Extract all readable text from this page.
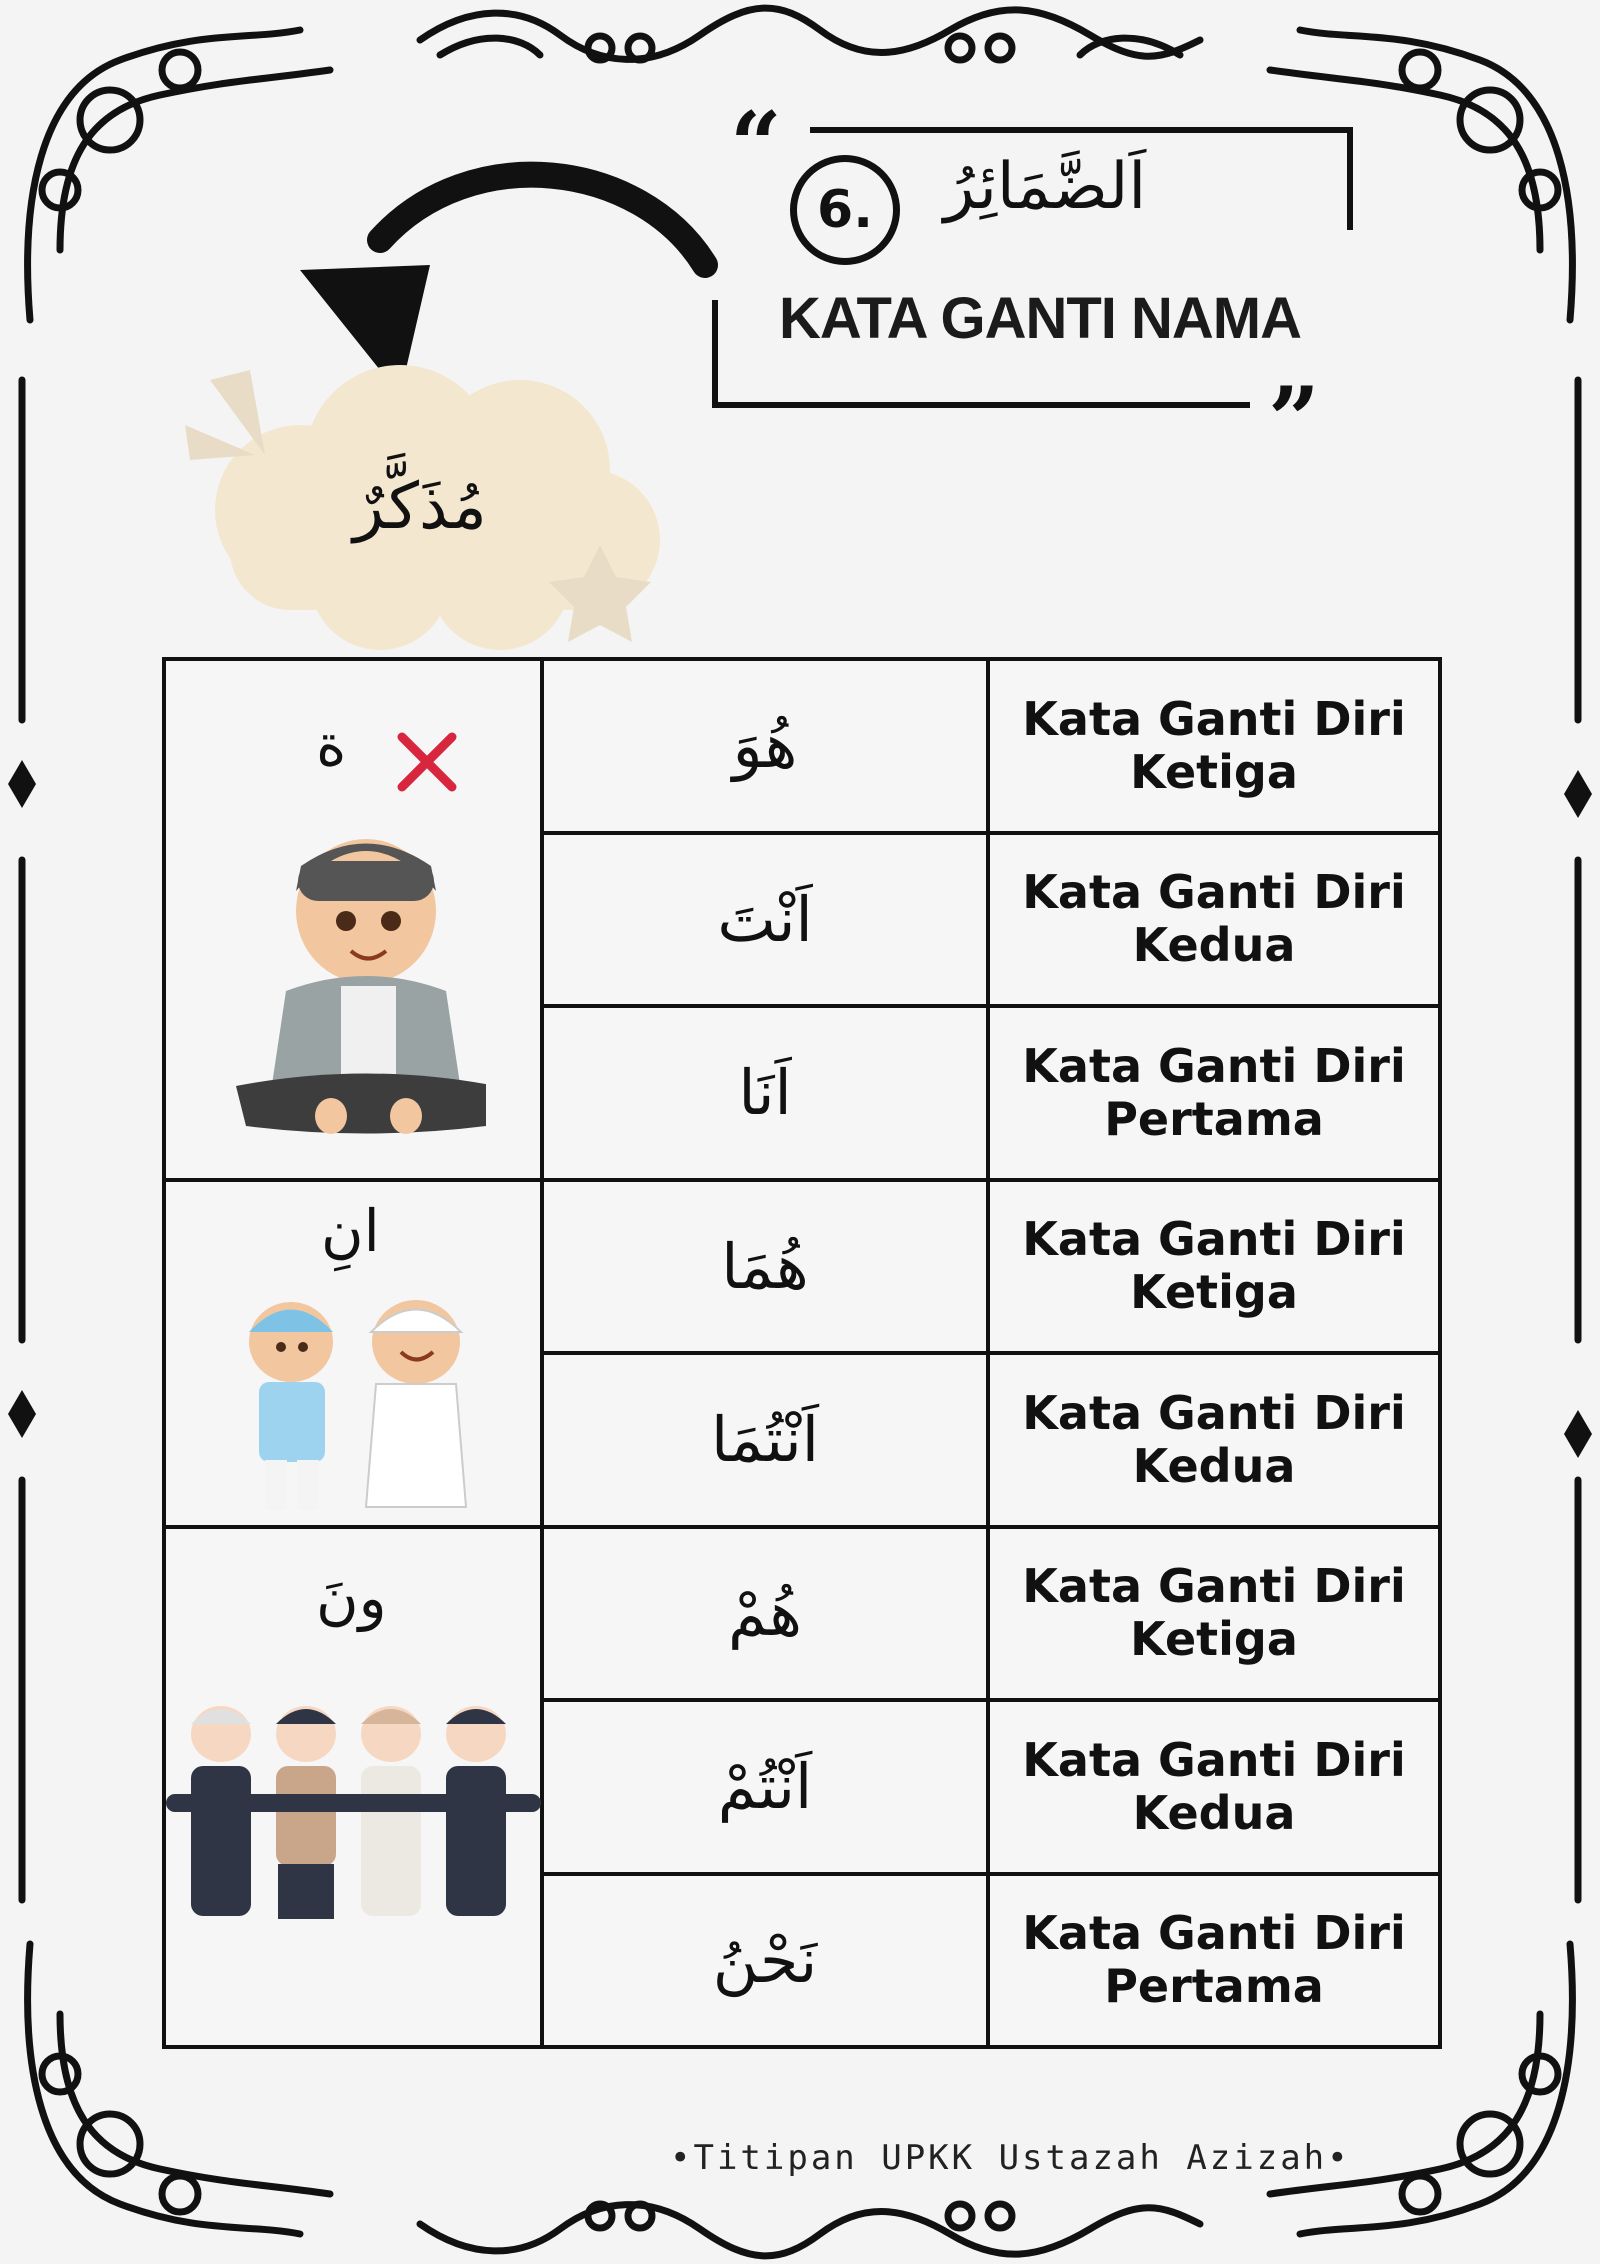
“
”
6.	اَلضَّمَائِرُ
KATA GANTI NAMA
مُذَكَّرٌ
ة	هُوَ	Kata Ganti Diri
Ketiga

	اَنْتَ	Kata Ganti Diri
Kedua

	اَنَا	Kata Ganti Diri
Pertama

انِ	هُمَا	Kata Ganti Diri
Ketiga

	اَنْتُمَا	Kata Ganti Diri
Kedua

ونَ	هُمْ	Kata Ganti Diri
Ketiga

	اَنْتُمْ	Kata Ganti Diri
Kedua

	نَحْنُ	Kata Ganti Diri
Pertama
•Titipan UPKK Ustazah Azizah•
